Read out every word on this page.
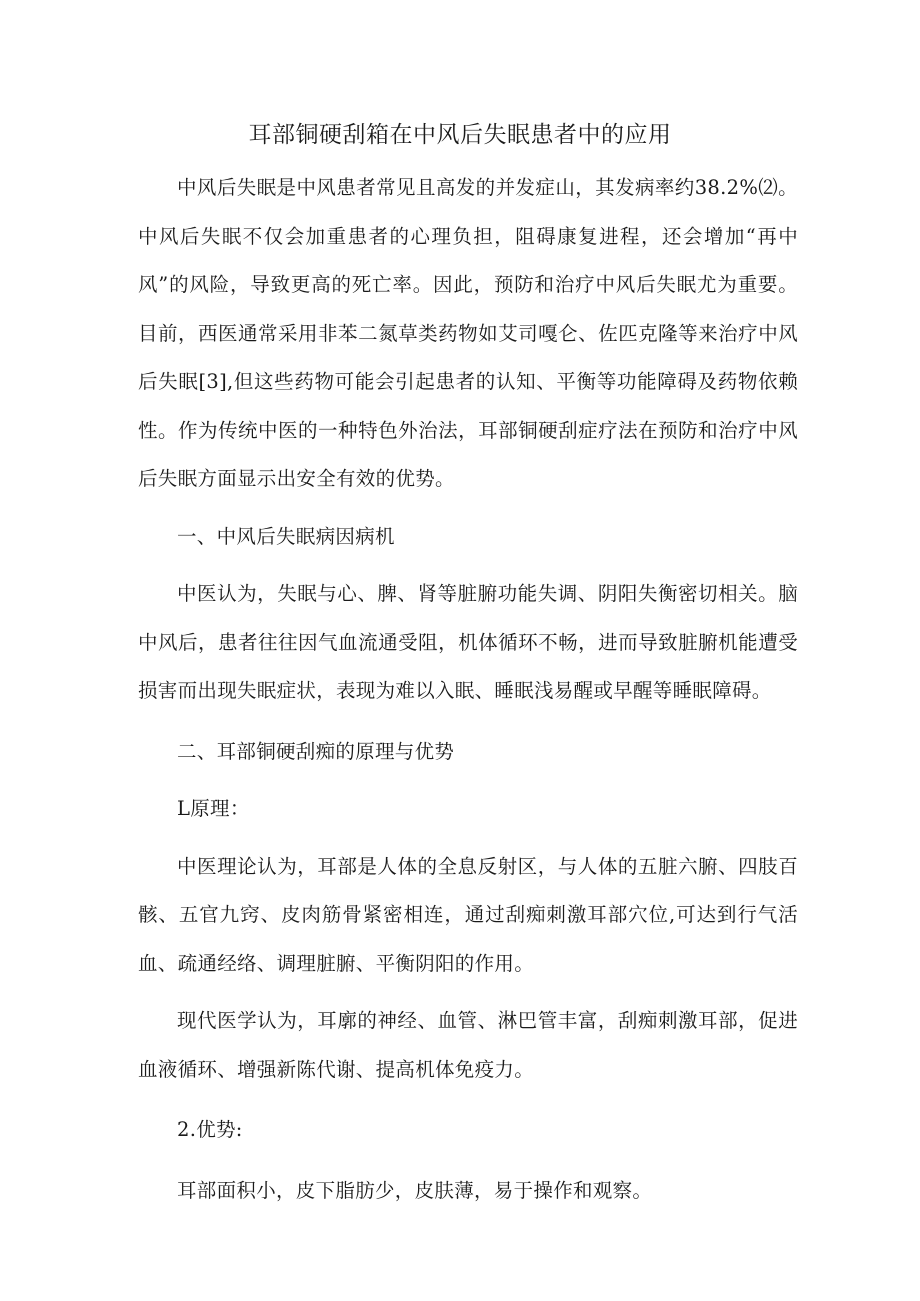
耳部铜硬刮箱在中风后失眠患者中的应用

中风后失眠是中风患者常见且高发的并发症山，其发病率约38.2%⑵。中风后失眠不仅会加重患者的心理负担，阻碍康复进程，还会增加“再中风”的风险，导致更高的死亡率。因此，预防和治疗中风后失眠尤为重要。目前，西医通常采用非苯二氮草类药物如艾司嘎仑、佐匹克隆等来治疗中风后失眠[3],但这些药物可能会引起患者的认知、平衡等功能障碍及药物依赖性。作为传统中医的一种特色外治法，耳部铜硬刮症疗法在预防和治疗中风后失眠方面显示出安全有效的优势。

一、中风后失眠病因病机

中医认为，失眠与心、脾、肾等脏腑功能失调、阴阳失衡密切相关。脑中风后，患者往往因气血流通受阻，机体循环不畅，进而导致脏腑机能遭受损害而出现失眠症状，表现为难以入眠、睡眠浅易醒或早醒等睡眠障碍。

二、耳部铜硬刮痴的原理与优势

L原理：

中医理论认为，耳部是人体的全息反射区，与人体的五脏六腑、四肢百骸、五官九窍、皮肉筋骨紧密相连，通过刮痴刺激耳部穴位,可达到行气活血、疏通经络、调理脏腑、平衡阴阳的作用。

现代医学认为，耳廓的神经、血管、淋巴管丰富，刮痴刺激耳部，促进血液循环、增强新陈代谢、提高机体免疫力。

2.优势:

耳部面积小，皮下脂肪少，皮肤薄，易于操作和观察。
